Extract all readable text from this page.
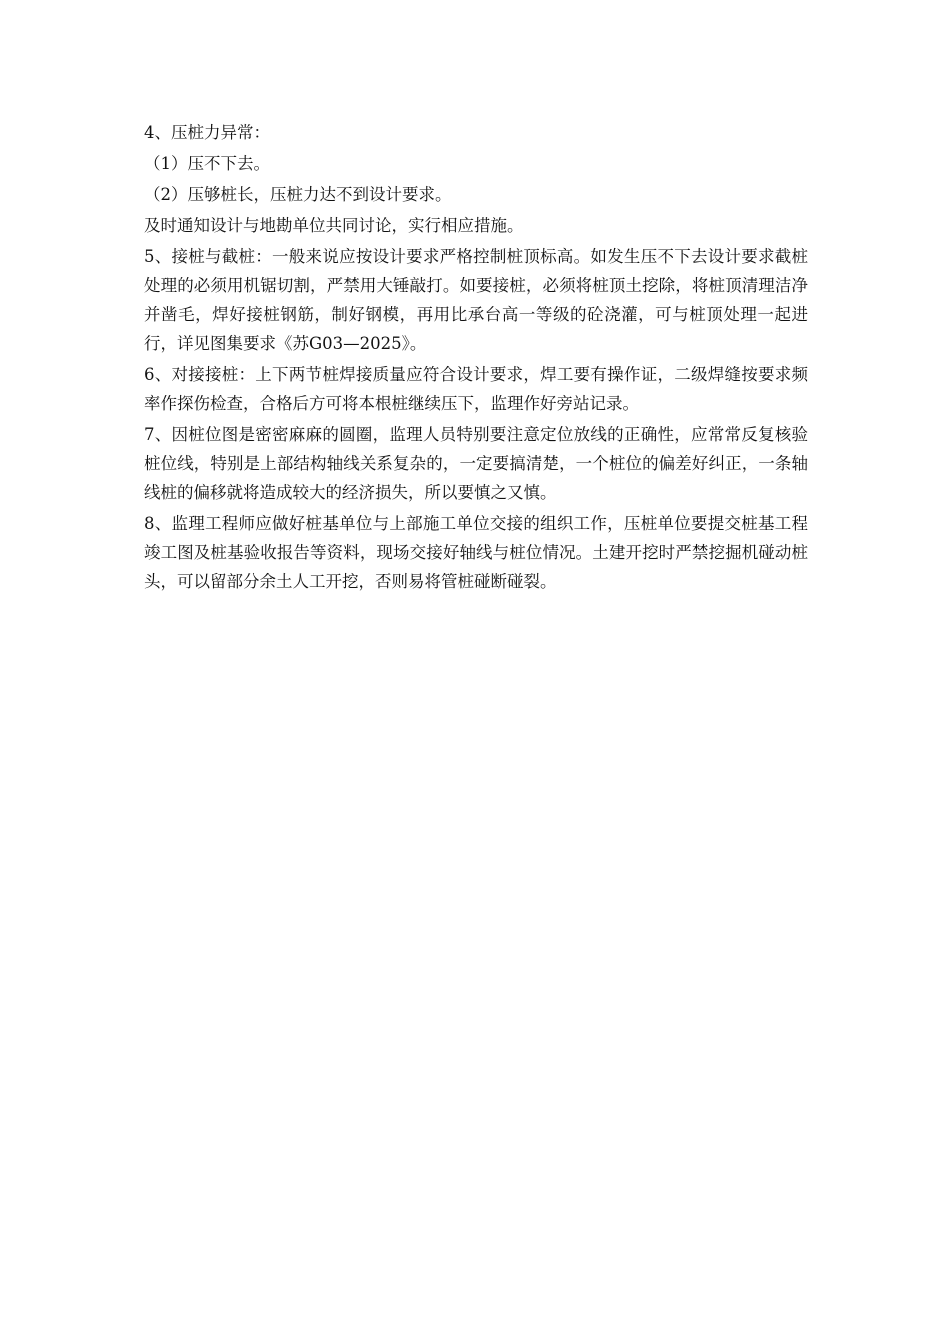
4、压桩力异常：

（1）压不下去。

（2）压够桩长，压桩力达不到设计要求。

及时通知设计与地勘单位共同讨论，实行相应措施。

5、接桩与截桩：一般来说应按设计要求严格控制桩顶标高。如发生压不下去设计要求截桩处理的必须用机锯切割，严禁用大锤敲打。如要接桩，必须将桩顶土挖除，将桩顶清理洁净并凿毛，焊好接桩钢筋，制好钢模，再用比承台高一等级的砼浇灌，可与桩顶处理一起进行，详见图集要求《苏G03—2025》。

6、对接接桩：上下两节桩焊接质量应符合设计要求，焊工要有操作证，二级焊缝按要求频率作探伤检查，合格后方可将本根桩继续压下，监理作好旁站记录。

7、因桩位图是密密麻麻的圆圈，监理人员特别要注意定位放线的正确性，应常常反复核验桩位线，特别是上部结构轴线关系复杂的，一定要搞清楚，一个桩位的偏差好纠正，一条轴线桩的偏移就将造成较大的经济损失，所以要慎之又慎。

8、监理工程师应做好桩基单位与上部施工单位交接的组织工作，压桩单位要提交桩基工程竣工图及桩基验收报告等资料，现场交接好轴线与桩位情况。土建开挖时严禁挖掘机碰动桩头，可以留部分余土人工开挖，否则易将管桩碰断碰裂。
